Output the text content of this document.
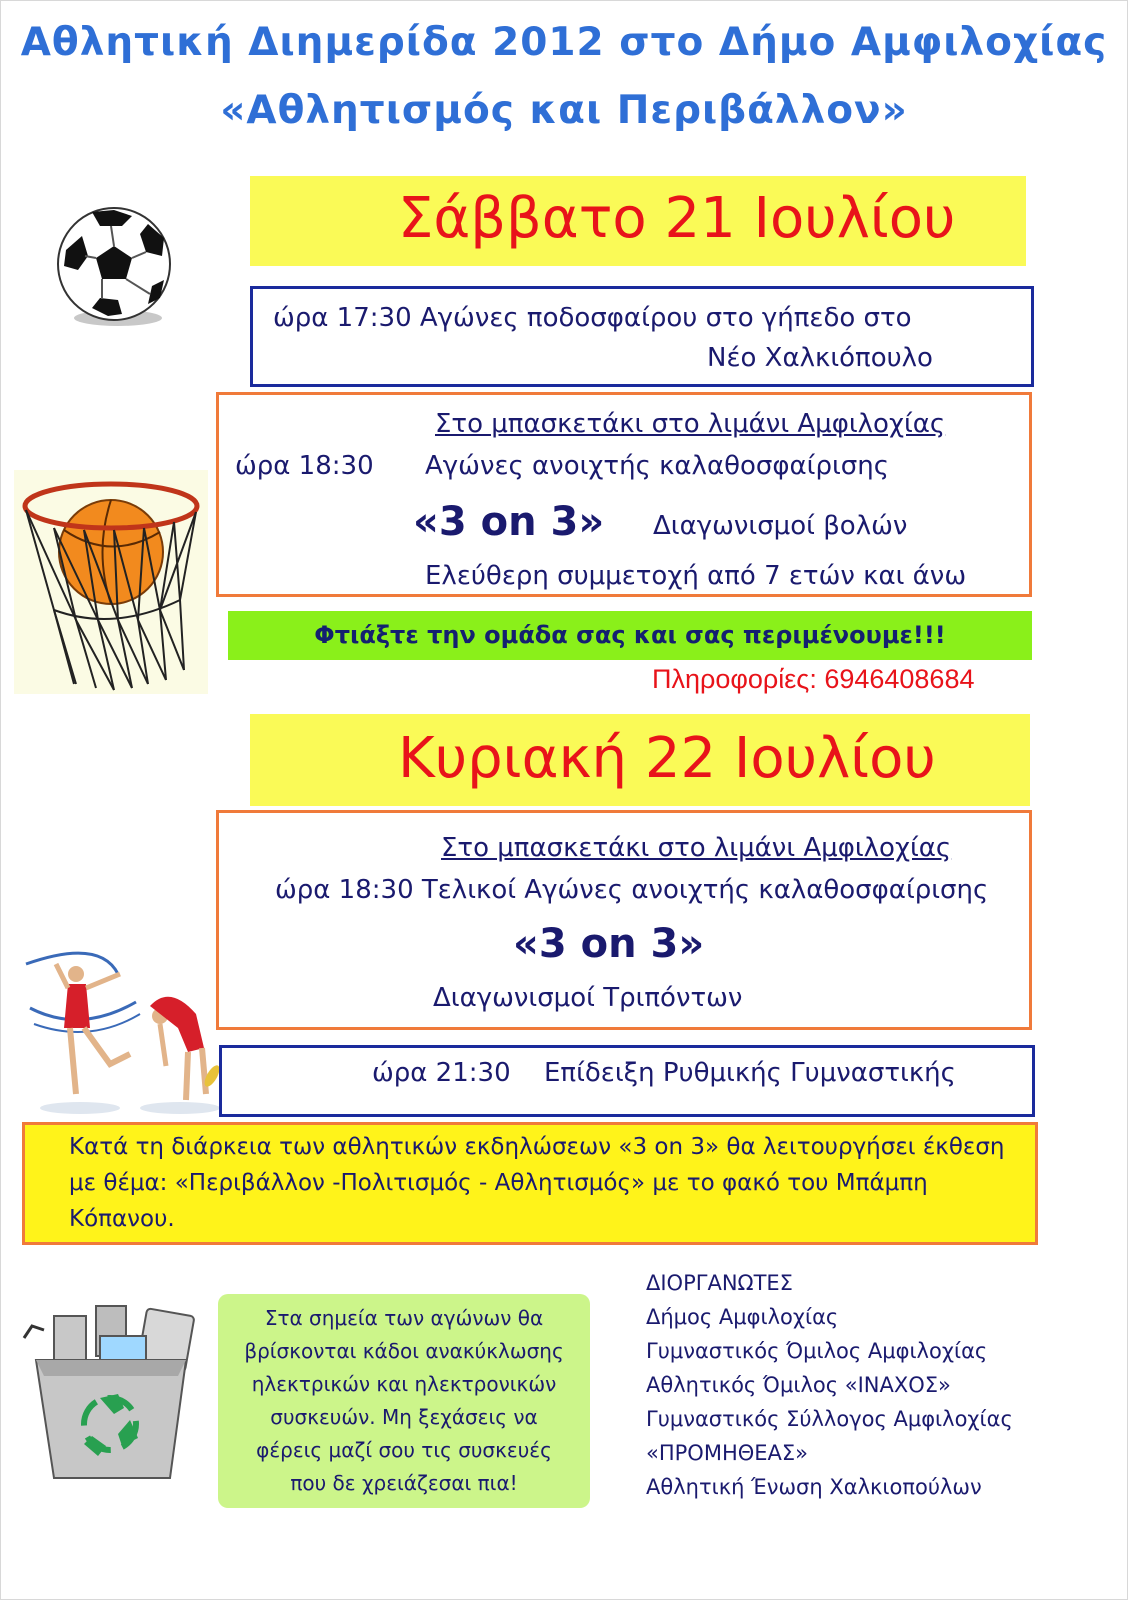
Αθλητική Διημερίδα 2012 στο Δήμο Αμφιλοχίας
«Αθλητισμός και Περιβάλλον»
Σάββατο 21 Ιουλίου
ώρα 17:30 Αγώνες ποδοσφαίρου στο γήπεδο στο
Νέο Χαλκιόπουλο
Στο μπασκετάκι στο λιμάνι Αμφιλοχίας
ώρα 18:30 Αγώνες ανοιχτής καλαθοσφαίρισης
«3 on 3» Διαγωνισμοί βολών
Ελεύθερη συμμετοχή από 7 ετών και άνω
Φτιάξτε την ομάδα σας και σας περιμένουμε!!!
Πληροφορίες: 6946408684
Κυριακή 22 Ιουλίου
Στο μπασκετάκι στο λιμάνι Αμφιλοχίας
ώρα 18:30 Τελικοί Αγώνες ανοιχτής καλαθοσφαίρισης
«3 on 3»
Διαγωνισμοί Τριπόντων
ώρα 21:30 Επίδειξη Ρυθμικής Γυμναστικής
Κατά τη διάρκεια των αθλητικών εκδηλώσεων «3 on 3» θα λειτουργήσει έκθεση
με θέμα: «Περιβάλλον -Πολιτισμός - Αθλητισμός» με το φακό του Μπάμπη
Κόπανου.
Στα σημεία των αγώνων θα
βρίσκονται κάδοι ανακύκλωσης
ηλεκτρικών και ηλεκτρονικών
συσκευών. Μη ξεχάσεις να
φέρεις μαζί σου τις συσκευές
που δε χρειάζεσαι πια!
ΔΙΟΡΓΑΝΩΤΕΣ
Δήμος Αμφιλοχίας
Γυμναστικός Όμιλος Αμφιλοχίας
Αθλητικός Όμιλος «ΙΝΑΧΟΣ»
Γυμναστικός Σύλλογος Αμφιλοχίας
«ΠΡΟΜΗΘΕΑΣ»
Αθλητική Ένωση Χαλκιοπούλων
